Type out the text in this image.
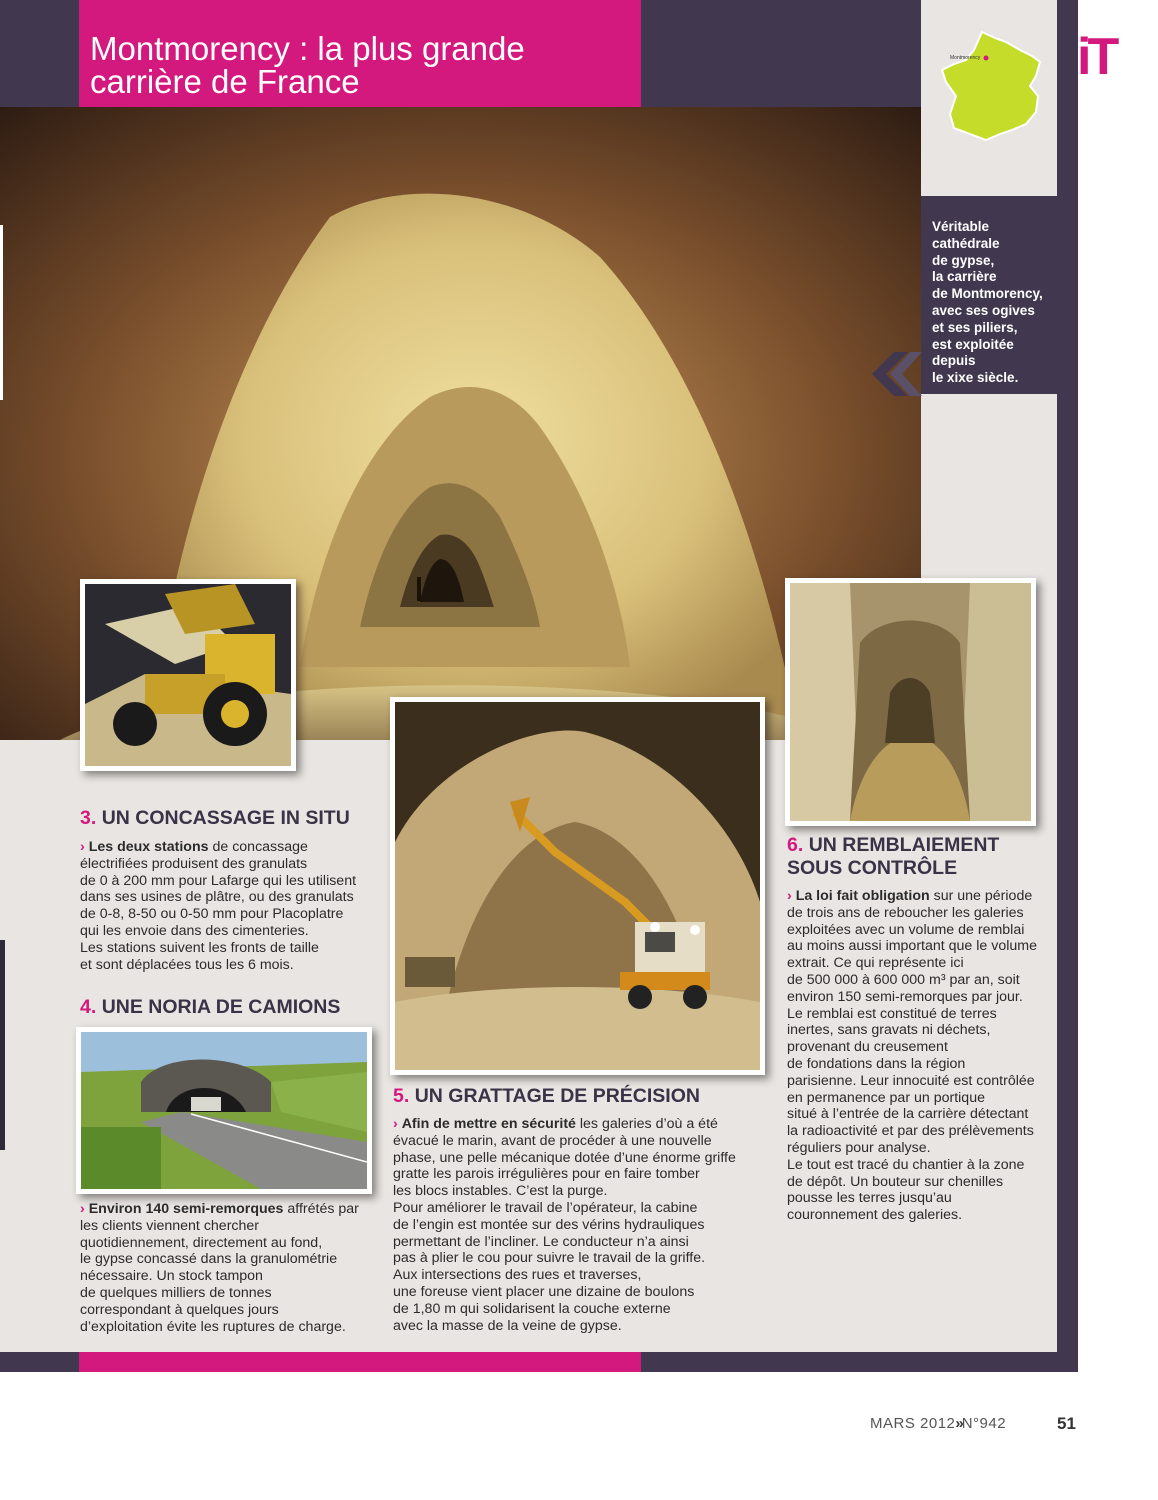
Montmorency : la plus grande
carrière de France	iT
Montmorency
Véritable
cathédrale
de gypse,
la carrière
de Montmorency,
avec ses ogives
et ses piliers,
est exploitée
depuis
le xixe siècle.
3. UN CONCASSAGE IN SITU
› Les deux stations de concassage
électrifiées produisent des granulats
de 0 à 200 mm pour Lafarge qui les utilisent
dans ses usines de plâtre, ou des granulats
de 0-8, 8-50 ou 0-50 mm pour Placoplatre
qui les envoie dans des cimenteries.
Les stations suivent les fronts de taille
et sont déplacées tous les 6 mois.
4. UNE NORIA DE CAMIONS
› Environ 140 semi-remorques affrétés par
les clients viennent chercher
quotidiennement, directement au fond,
le gypse concassé dans la granulométrie
nécessaire. Un stock tampon
de quelques milliers de tonnes
correspondant à quelques jours
d’exploitation évite les ruptures de charge.
5. UN GRATTAGE DE PRÉCISION
› Afin de mettre en sécurité les galeries d’où a été
évacué le marin, avant de procéder à une nouvelle
phase, une pelle mécanique dotée d’une énorme griffe
gratte les parois irrégulières pour en faire tomber
les blocs instables. C’est la purge.
Pour améliorer le travail de l’opérateur, la cabine
de l’engin est montée sur des vérins hydrauliques
permettant de l’incliner. Le conducteur n’a ainsi
pas à plier le cou pour suivre le travail de la griffe.
Aux intersections des rues et traverses,
une foreuse vient placer une dizaine de boulons
de 1,80 m qui solidarisent la couche externe
avec la masse de la veine de gypse.
6. UN REMBLAIEMENT
SOUS CONTRÔLE
› La loi fait obligation sur une période
de trois ans de reboucher les galeries
exploitées avec un volume de remblai
au moins aussi important que le volume
extrait. Ce qui représente ici
de 500 000 à 600 000 m³ par an, soit
environ 150 semi-remorques par jour.
Le remblai est constitué de terres
inertes, sans gravats ni déchets,
provenant du creusement
de fondations dans la région
parisienne. Leur innocuité est contrôlée
en permanence par un portique
situé à l’entrée de la carrière détectant
la radioactivité et par des prélèvements
réguliers pour analyse.
Le tout est tracé du chantier à la zone
de dépôt. Un bouteur sur chenilles
pousse les terres jusqu’au
couronnement des galeries.
MARS 2012»N°942	51
